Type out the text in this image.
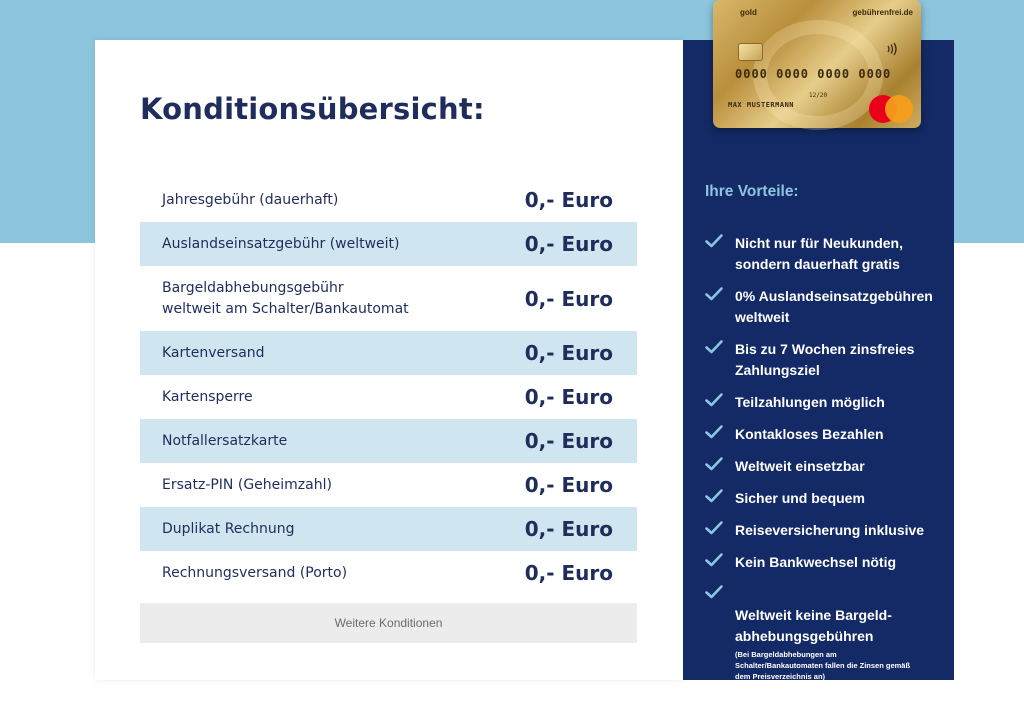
Konditionsübersicht:
Jahresgebühr (dauerhaft)	0,- Euro
Auslandseinsatzgebühr (weltweit)	0,- Euro
Bargeldabhebungsgebühr
weltweit am Schalter/Bankautomat	0,- Euro
Kartenversand	0,- Euro
Kartensperre	0,- Euro
Notfallersatzkarte	0,- Euro
Ersatz-PIN (Geheimzahl)	0,- Euro
Duplikat Rechnung	0,- Euro
Rechnungsversand (Porto)	0,- Euro
Weitere Konditionen
Ihre Vorteile:
Nicht nur für Neukunden,
sondern dauerhaft gratis
0% Auslandseinsatzgebühren
weltweit
Bis zu 7 Wochen zinsfreies
Zahlungsziel
Teilzahlungen möglich
Kontakloses Bezahlen
Weltweit einsetzbar
Sicher und bequem
Reiseversicherung inklusive
Kein Bankwechsel nötig

Weltweit keine Bargeld-
abhebungsgebühren

(Bei Bargeldabhebungen am
Schalter/Bankautomaten fallen die Zinsen gemäß
dem Preisverzeichnis an)

gold	gebührenfrei.de
0000 0000 0000 0000
12/20
MAX MUSTERMANN
